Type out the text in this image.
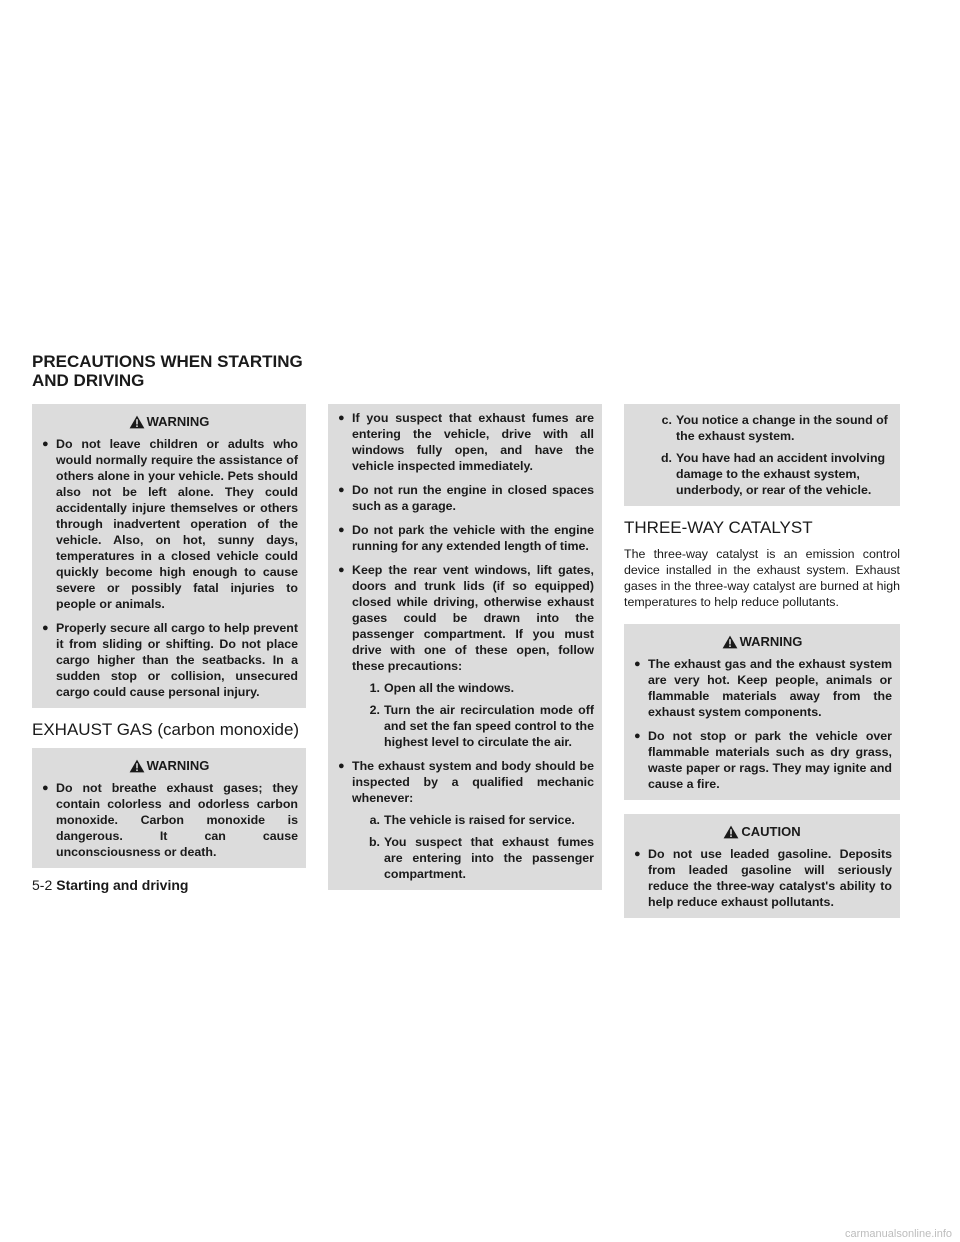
PRECAUTIONS WHEN STARTING
AND DRIVING
WARNING
● Do not leave children or adults who would normally require the assistance of others alone in your vehicle. Pets should also not be left alone. They could accidentally injure themselves or others through inadvertent operation of the vehicle. Also, on hot, sunny days, temperatures in a closed vehicle could quickly become high enough to cause severe or possibly fatal injuries to people or animals.
● Properly secure all cargo to help prevent it from sliding or shifting. Do not place cargo higher than the seatbacks. In a sudden stop or collision, unsecured cargo could cause personal injury.
EXHAUST GAS (carbon monoxide)
WARNING
● Do not breathe exhaust gases; they contain colorless and odorless carbon monoxide. Carbon monoxide is dangerous. It can cause unconsciousness or death.
● If you suspect that exhaust fumes are entering the vehicle, drive with all windows fully open, and have the vehicle inspected immediately.
● Do not run the engine in closed spaces such as a garage.
● Do not park the vehicle with the engine running for any extended length of time.
● Keep the rear vent windows, lift gates, doors and trunk lids (if so equipped) closed while driving, otherwise exhaust gases could be drawn into the passenger compartment. If you must drive with one of these open, follow these precautions:
1. Open all the windows.
2. Turn the air recirculation mode off and set the fan speed control to the highest level to circulate the air.
● The exhaust system and body should be inspected by a qualified mechanic whenever:
a. The vehicle is raised for service.
b. You suspect that exhaust fumes are entering into the passenger compartment.
c. You notice a change in the sound of the exhaust system.
d. You have had an accident involving damage to the exhaust system, underbody, or rear of the vehicle.
THREE-WAY CATALYST

The three-way catalyst is an emission control device installed in the exhaust system. Exhaust gases in the three-way catalyst are burned at high temperatures to help reduce pollutants.

WARNING
● The exhaust gas and the exhaust system are very hot. Keep people, animals or flammable materials away from the exhaust system components.
● Do not stop or park the vehicle over flammable materials such as dry grass, waste paper or rags. They may ignite and cause a fire.
CAUTION
● Do not use leaded gasoline. Deposits from leaded gasoline will seriously reduce the three-way catalyst's ability to help reduce exhaust pollutants.
5-2 Starting and driving
carmanualsonline.info
